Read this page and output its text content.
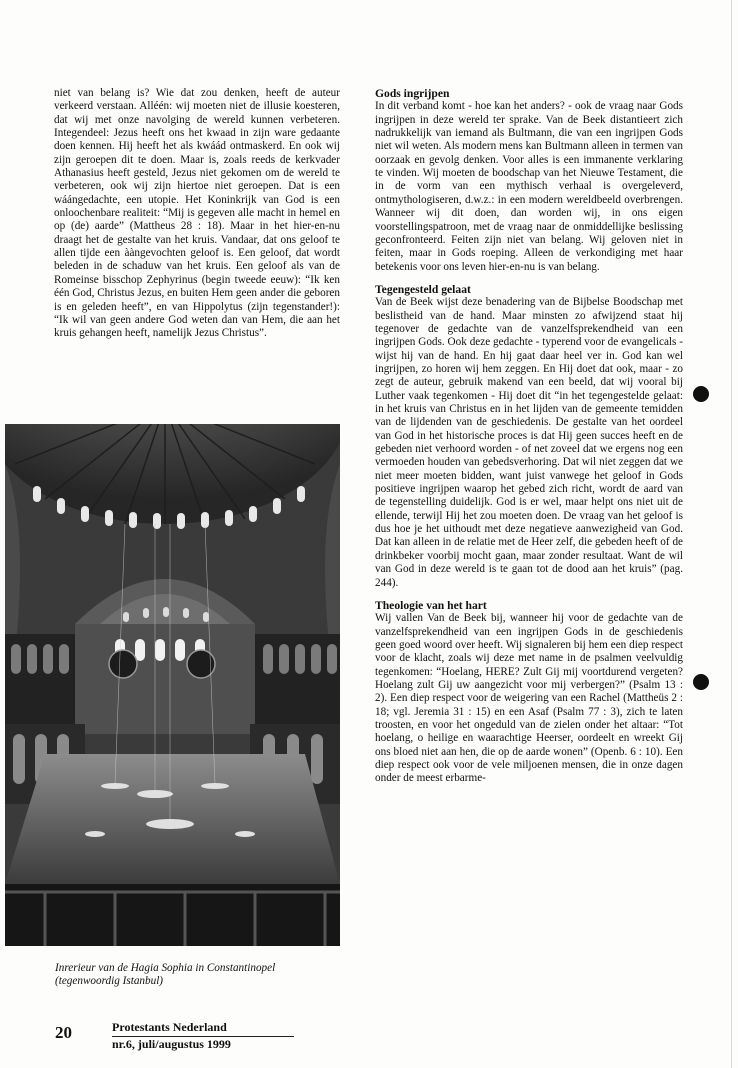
niet van belang is? Wie dat zou denken, heeft de auteur verkeerd verstaan. Alléén: wij moeten niet de illusie koesteren, dat wij met onze navolging de wereld kunnen verbeteren. Integendeel: Jezus heeft ons het kwaad in zijn ware gedaante doen kennen. Hij heeft het als kwáád ontmaskerd. En ook wij zijn geroepen dit te doen. Maar is, zoals reeds de kerkvader Athanasius heeft gesteld, Jezus niet gekomen om de wereld te verbeteren, ook wij zijn hiertoe niet geroepen. Dat is een wáángedachte, een utopie. Het Koninkrijk van God is een onloochenbare realiteit: “Mij is gegeven alle macht in hemel en op (de) aarde” (Mattheus 28 : 18). Maar in het hier-en-nu draagt het de gestalte van het kruis. Vandaar, dat ons geloof te allen tijde een ààngevochten geloof is. Een geloof, dat wordt beleden in de schaduw van het kruis. Een geloof als van de Romeinse bisschop Zephyrinus (begin tweede eeuw): “Ik ken één God, Christus Jezus, en buiten Hem geen ander die geboren is en geleden heeft”, en van Hippolytus (zijn tegenstander!): “Ik wil van geen andere God weten dan van Hem, die aan het kruis gehangen heeft, namelijk Jezus Christus”.

Inrerieur van de Hagia Sophia in Constantinopel (tegenwoordig Istanbul)
Gods ingrijpen

In dit verband komt - hoe kan het anders? - ook de vraag naar Gods ingrijpen in deze wereld ter sprake. Van de Beek distantieert zich nadrukkelijk van iemand als Bultmann, die van een ingrijpen Gods niet wil weten. Als modern mens kan Bultmann alleen in termen van oorzaak en gevolg denken. Voor alles is een immanente verklaring te vinden. Wij moeten de boodschap van het Nieuwe Testament, die in de vorm van een mythisch verhaal is overgeleverd, ontmythologiseren, d.w.z.: in een modern wereldbeeld overbrengen. Wanneer wij dit doen, dan worden wij, in ons eigen voorstellingspatroon, met de vraag naar de onmiddellijke beslissing geconfronteerd. Feiten zijn niet van belang. Wij geloven niet in feiten, maar in Gods roeping. Alleen de verkondiging met haar betekenis voor ons leven hier-en-nu is van belang.

Tegengesteld gelaat

Van de Beek wijst deze benadering van de Bijbelse Boodschap met beslistheid van de hand. Maar minsten zo afwijzend staat hij tegenover de gedachte van de vanzelfsprekendheid van een ingrijpen Gods. Ook deze gedachte - typerend voor de evangelicals - wijst hij van de hand. En hij gaat daar heel ver in. God kan wel ingrijpen, zo horen wij hem zeggen. En Hij doet dat ook, maar - zo zegt de auteur, gebruik makend van een beeld, dat wij vooral bij Luther vaak tegenkomen - Hij doet dit “in het tegengestelde gelaat: in het kruis van Christus en in het lijden van de gemeente temidden van de lijdenden van de geschiedenis. De gestalte van het oordeel van God in het historische proces is dat Hij geen succes heeft en de gebeden niet verhoord worden - of net zoveel dat we ergens nog een vermoeden houden van gebedsverhoring. Dat wil niet zeggen dat we niet meer moeten bidden, want juist vanwege het geloof in Gods positieve ingrijpen waarop het gebed zich richt, wordt de aard van de tegenstelling duidelijk. God is er wel, maar helpt ons niet uit de ellende, terwijl Hij het zou moeten doen. De vraag van het geloof is dus hoe je het uithoudt met deze negatieve aanwezigheid van God. Dat kan alleen in de relatie met de Heer zelf, die gebeden heeft of de drinkbeker voorbij mocht gaan, maar zonder resultaat. Want de wil van God in deze wereld is te gaan tot de dood aan het kruis” (pag. 244).

Theologie van het hart

Wij vallen Van de Beek bij, wanneer hij voor de gedachte van de vanzelfsprekendheid van een ingrijpen Gods in de geschiedenis geen goed woord over heeft. Wij signaleren bij hem een diep respect voor de klacht, zoals wij deze met name in de psalmen veelvuldig tegenkomen: “Hoelang, HERE? Zult Gij mij voortdurend vergeten? Hoelang zult Gij uw aangezicht voor mij verbergen?” (Psalm 13 : 2). Een diep respect voor de weigering van een Rachel (Mattheüs 2 : 18; vgl. Jeremia 31 : 15) en een Asaf (Psalm 77 : 3), zich te laten troosten, en voor het ongeduld van de zielen onder het altaar: “Tot hoelang, o heilige en waarachtige Heerser, oordeelt en wreekt Gij ons bloed niet aan hen, die op de aarde wonen” (Openb. 6 : 10). Een diep respect ook voor de vele miljoenen mensen, die in onze dagen onder de meest erbarme-

20	Protestants Nederland
nr.6, juli/augustus 1999
